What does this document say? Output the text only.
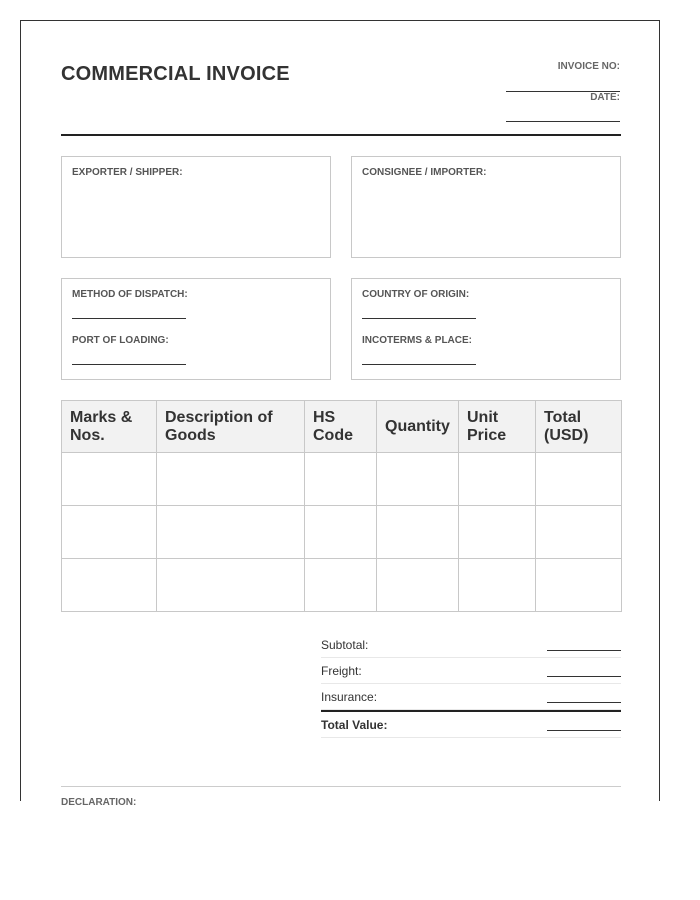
COMMERCIAL INVOICE	INVOICE NO:
DATE:
EXPORTER / SHIPPER:	CONSIGNEE / IMPORTER:
METHOD OF DISPATCH:
PORT OF LOADING:
COUNTRY OF ORIGIN:
INCOTERMS & PLACE:
Marks & Nos.	Description of Goods	HS Code	Quantity	Unit Price	Total (USD)

Subtotal:
Freight:
Insurance:
Total Value:
DECLARATION:
